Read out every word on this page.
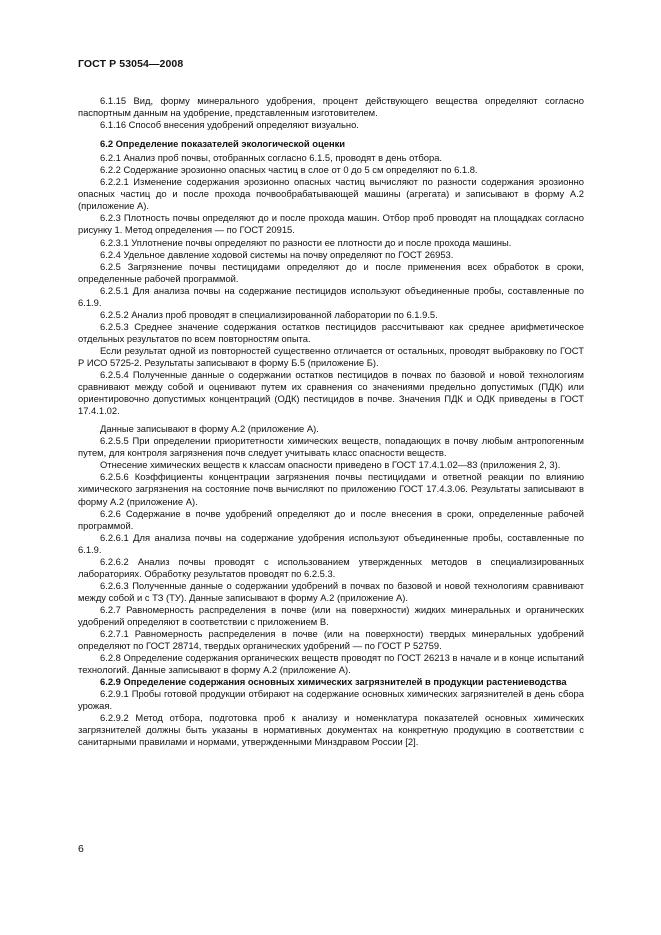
ГОСТ Р 53054—2008

6.1.15 Вид, форму минерального удобрения, процент действующего вещества определяют согласно паспортным данным на удобрение, представленным изготовителем.

6.1.16 Способ внесения удобрений определяют визуально.

6.2 Определение показателей экологической оценки

6.2.1 Анализ проб почвы, отобранных согласно 6.1.5, проводят в день отбора.

6.2.2 Содержание эрозионно опасных частиц в слое от 0 до 5 см определяют по 6.1.8.

6.2.2.1 Изменение содержания эрозионно опасных частиц вычисляют по разности содержания эрозионно опасных частиц до и после прохода почвообрабатывающей машины (агрегата) и записывают в форму А.2 (приложение А).

6.2.3 Плотность почвы определяют до и после прохода машин. Отбор проб проводят на площадках согласно рисунку 1. Метод определения — по ГОСТ 20915.

6.2.3.1 Уплотнение почвы определяют по разности ее плотности до и после прохода машины.

6.2.4 Удельное давление ходовой системы на почву определяют по ГОСТ 26953.

6.2.5 Загрязнение почвы пестицидами определяют до и после применения всех обработок в сроки, определенные рабочей программой.

6.2.5.1 Для анализа почвы на содержание пестицидов используют объединенные пробы, составленные по 6.1.9.

6.2.5.2 Анализ проб проводят в специализированной лаборатории по 6.1.9.5.

6.2.5.3 Среднее значение содержания остатков пестицидов рассчитывают как среднее арифметическое отдельных результатов по всем повторностям опыта.

Если результат одной из повторностей существенно отличается от остальных, проводят выбраковку по ГОСТ Р ИСО 5725-2. Результаты записывают в форму Б.5 (приложение Б).

6.2.5.4 Полученные данные о содержании остатков пестицидов в почвах по базовой и новой технологиям сравнивают между собой и оценивают путем их сравнения со значениями предельно допустимых (ПДК) или ориентировочно допустимых концентраций (ОДК) пестицидов в почве. Значения ПДК и ОДК приведены в ГОСТ 17.4.1.02.

Данные записывают в форму А.2 (приложение А).

6.2.5.5 При определении приоритетности химических веществ, попадающих в почву любым антропогенным путем, для контроля загрязнения почв следует учитывать класс опасности веществ.

Отнесение химических веществ к классам опасности приведено в ГОСТ 17.4.1.02—83 (приложения 2, 3).

6.2.5.6 Коэффициенты концентрации загрязнения почвы пестицидами и ответной реакции по влиянию химического загрязнения на состояние почв вычисляют по приложению ГОСТ 17.4.3.06. Результаты записывают в форму А.2 (приложение А).

6.2.6 Содержание в почве удобрений определяют до и после внесения в сроки, определенные рабочей программой.

6.2.6.1 Для анализа почвы на содержание удобрения используют объединенные пробы, составленные по 6.1.9.

6.2.6.2 Анализ почвы проводят с использованием утвержденных методов в специализированных лабораториях. Обработку результатов проводят по 6.2.5.3.

6.2.6.3 Полученные данные о содержании удобрений в почвах по базовой и новой технологиям сравнивают между собой и с ТЗ (ТУ). Данные записывают в форму А.2 (приложение А).

6.2.7 Равномерность распределения в почве (или на поверхности) жидких минеральных и органических удобрений определяют в соответствии с приложением В.

6.2.7.1 Равномерность распределения в почве (или на поверхности) твердых минеральных удобрений определяют по ГОСТ 28714, твердых органических удобрений — по ГОСТ Р 52759.

6.2.8 Определение содержания органических веществ проводят по ГОСТ 26213 в начале и в конце испытаний технологий. Данные записывают в форму А.2 (приложение А).

6.2.9 Определение содержания основных химических загрязнителей в продукции растениеводства

6.2.9.1 Пробы готовой продукции отбирают на содержание основных химических загрязнителей в день сбора урожая.

6.2.9.2 Метод отбора, подготовка проб к анализу и номенклатура показателей основных химических загрязнителей должны быть указаны в нормативных документах на конкретную продукцию в соответствии с санитарными правилами и нормами, утвержденными Минздравом России [2].

6
